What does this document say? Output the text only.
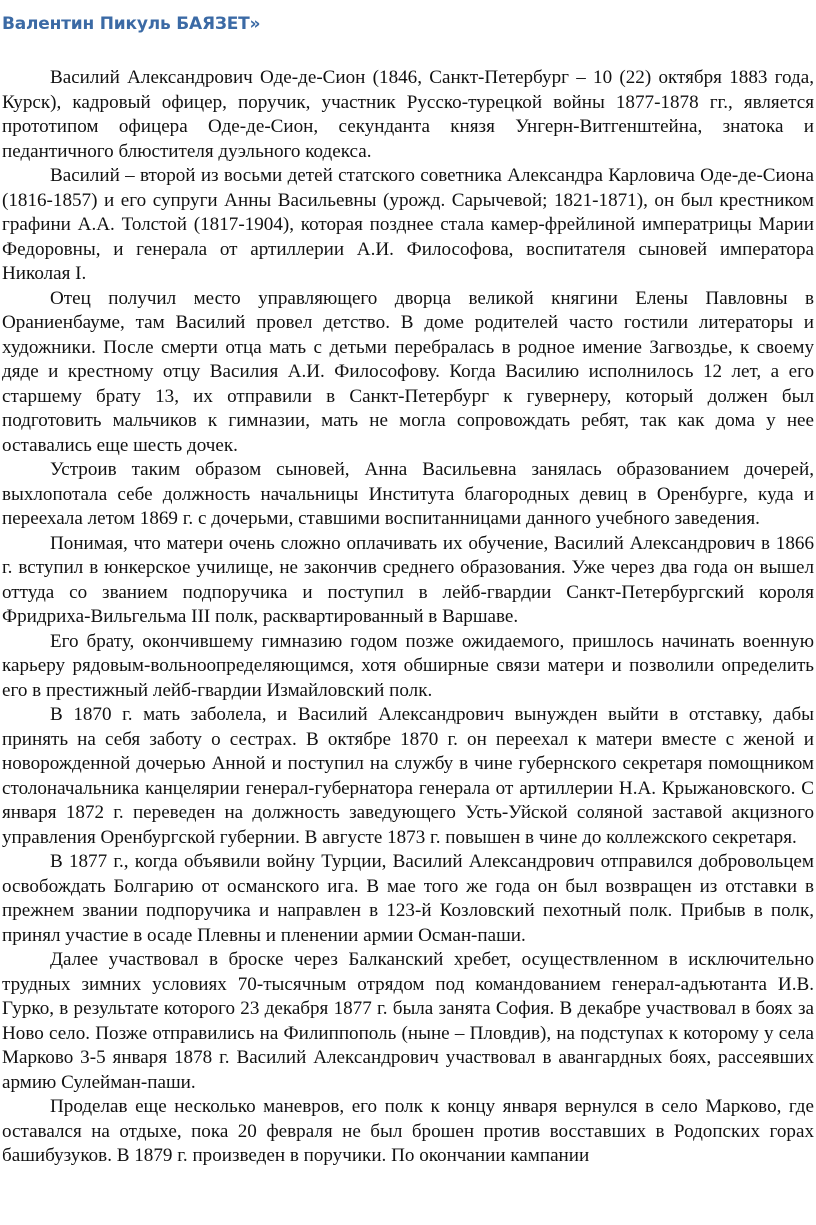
Валентин Пикуль БАЯЗЕТ»

Василий Александрович Оде-де-Сион (1846, Санкт-Петербург – 10 (22) октября 1883 года, Курск), кадровый офицер, поручик, участник Русско-турецкой войны 1877-1878 гг., является прототипом офицера Оде-де-Сион, секунданта князя Унгерн-Витгенштейна, знатока и педантичного блюстителя дуэльного кодекса.

Василий – второй из восьми детей статского советника Александра Карловича Оде-де-Сиона (1816-1857) и его супруги Анны Васильевны (урожд. Сарычевой; 1821-1871), он был крестником графини А.А. Толстой (1817-1904), которая позднее стала камер-фрейлиной императрицы Марии Федоровны, и генерала от артиллерии А.И. Философова, воспитателя сыновей императора Николая I.

Отец получил место управляющего дворца великой княгини Елены Павловны в Ораниенбауме, там Василий провел детство. В доме родителей часто гостили литераторы и художники. После смерти отца мать с детьми перебралась в родное имение Загвоздье, к своему дяде и крестному отцу Василия А.И. Философову. Когда Василию исполнилось 12 лет, а его старшему брату 13, их отправили в Санкт-Петербург к гувернеру, который должен был подготовить мальчиков к гимназии, мать не могла сопровождать ребят, так как дома у нее оставались еще шесть дочек.

Устроив таким образом сыновей, Анна Васильевна занялась образованием дочерей, выхлопотала себе должность начальницы Института благородных девиц в Оренбурге, куда и переехала летом 1869 г. с дочерьми, ставшими воспитанницами данного учебного заведения.

Понимая, что матери очень сложно оплачивать их обучение, Василий Александрович в 1866 г. вступил в юнкерское училище, не закончив среднего образования. Уже через два года он вышел оттуда со званием подпоручика и поступил в лейб-гвардии Санкт-Петербургский короля Фридриха-Вильгельма III полк, расквартированный в Варшаве.

Его брату, окончившему гимназию годом позже ожидаемого, пришлось начинать военную карьеру рядовым-вольноопределяющимся, хотя обширные связи матери и позволили определить его в престижный лейб-гвардии Измайловский полк.

В 1870 г. мать заболела, и Василий Александрович вынужден выйти в отставку, дабы принять на себя заботу о сестрах. В октябре 1870 г. он переехал к матери вместе с женой и новорожденной дочерью Анной и поступил на службу в чине губернского секретаря помощником столоначальника канцелярии генерал-губернатора генерала от артиллерии Н.А. Крыжановского. С января 1872 г. переведен на должность заведующего Усть-Уйской соляной заставой акцизного управления Оренбургской губернии. В августе 1873 г. повышен в чине до коллежского секретаря.

В 1877 г., когда объявили войну Турции, Василий Александрович отправился добровольцем освобождать Болгарию от османского ига. В мае того же года он был возвращен из отставки в прежнем звании подпоручика и направлен в 123-й Козловский пехотный полк. Прибыв в полк, принял участие в осаде Плевны и пленении армии Осман-паши.

Далее участвовал в броске через Балканский хребет, осуществленном в исключительно трудных зимних условиях 70-тысячным отрядом под командованием генерал-адъютанта И.В. Гурко, в результате которого 23 декабря 1877 г. была занята София. В декабре участвовал в боях за Ново село. Позже отправились на Филиппополь (ныне – Пловдив), на подступах к которому у села Марково 3-5 января 1878 г. Василий Александрович участвовал в авангардных боях, рассеявших армию Сулейман-паши.

Проделав еще несколько маневров, его полк к концу января вернулся в село Марково, где оставался на отдыхе, пока 20 февраля не был брошен против восставших в Родопских горах башибузуков. В 1879 г. произведен в поручики. По окончании кампании
